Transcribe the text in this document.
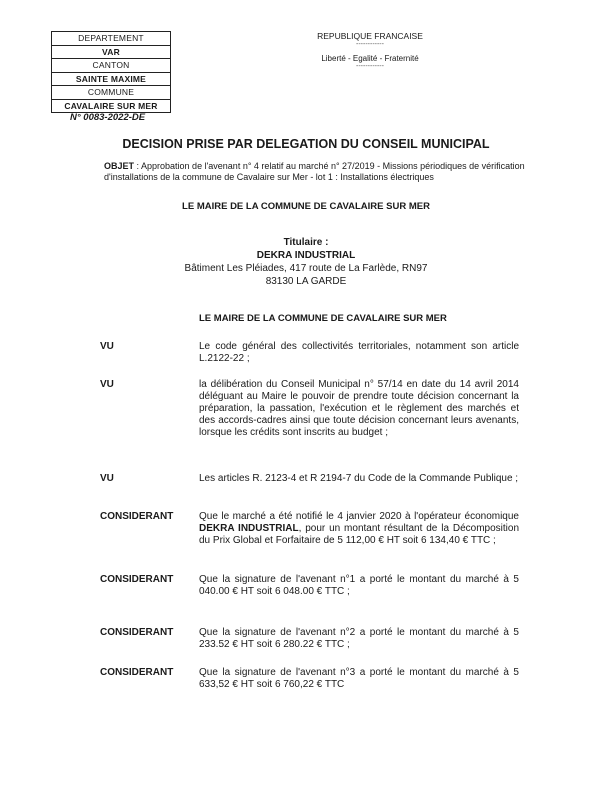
DEPARTEMENT
VAR
CANTON
SAINTE MAXIME
COMMUNE
CAVALAIRE SUR MER
N° 0083-2022-DE
REPUBLIQUE FRANCAISE
------------
Liberté - Egalité - Fraternité
------------
DECISION PRISE PAR DELEGATION DU CONSEIL MUNICIPAL
OBJET : Approbation de l'avenant n° 4 relatif au marché n° 27/2019 - Missions périodiques de vérification d'installations de la commune de Cavalaire sur Mer - lot 1 : Installations électriques
LE MAIRE DE LA COMMUNE DE CAVALAIRE SUR MER
Titulaire :
DEKRA INDUSTRIAL
Bâtiment Les Pléiades, 417 route de La Farlède, RN97
83130 LA GARDE
LE MAIRE DE LA COMMUNE DE CAVALAIRE SUR MER
VU	Le code général des collectivités territoriales, notamment son article L.2122-22 ;
VU	la délibération du Conseil Municipal n° 57/14 en date du 14 avril 2014 déléguant au Maire le pouvoir de prendre toute décision concernant la préparation, la passation, l'exécution et le règlement des marchés et des accords-cadres ainsi que toute décision concernant leurs avenants, lorsque les crédits sont inscrits au budget ;
VU	Les articles R. 2123-4 et R 2194-7 du Code de la Commande Publique ;
CONSIDERANT	Que le marché a été notifié le 4 janvier 2020 à l'opérateur économique DEKRA INDUSTRIAL, pour un montant résultant de la Décomposition du Prix Global et Forfaitaire de 5 112,00 € HT soit 6 134,40 € TTC ;
CONSIDERANT	Que la signature de l'avenant n°1 a porté le montant du marché à 5 040.00 € HT soit 6 048.00 € TTC ;
CONSIDERANT	Que la signature de l'avenant n°2 a porté le montant du marché à 5 233.52 € HT soit 6 280.22 € TTC ;
CONSIDERANT	Que la signature de l'avenant n°3 a porté le montant du marché à 5 633,52 € HT soit 6 760,22 € TTC
